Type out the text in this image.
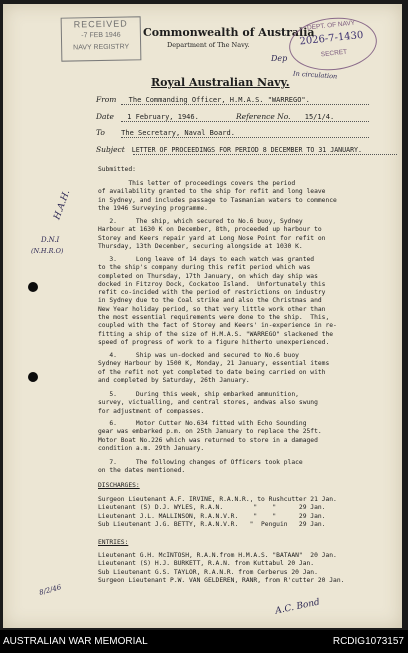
RECEIVED
-7 FEB 1946
NAVY REGISTRY
Commonwealth of Australia
Department of The Navy.
DEPT. OF NAVY
2026-7-1430
SECRET
Dep
In circulation
Royal Australian Navy.
From The Commanding Officer, H.M.A.S. "WARREGO".
Date 1 February, 1946.	Reference No. 15/1/4.
To The Secretary, Naval Board.
Subject LETTER OF PROCEEDINGS FOR PERIOD 8 DECEMBER TO 31 JANUARY.
Submitted:
This letter of proceedings covers the period
of availability granted to the ship for refit and long leave
in Sydney, and includes passage to Tasmanian waters to commence
the 1946 Surveying programme.
2.     The ship, which secured to No.6 buoy, Sydney
Harbour at 1630 K on December, 8th, proceeded up harbour to
Storey and Keers repair yard at Long Nose Point for refit on
Thursday, 13th December, securing alongside at 1030 K.
3.     Long leave of 14 days to each watch was granted
to the ship's company during this refit period which was
completed on Thursday, 17th January, on which day ship was
docked in Fitzroy Dock, Cockatoo Island.  Unfortunately this
refit co-incided with the period of restrictions on industry
in Sydney due to the Coal strike and also the Christmas and
New Year holiday period, so that very little work other than
the most essential requirements were done to the ship.  This,
coupled with the fact of Storey and Keers' in-experience in re-
fitting a ship of the size of H.M.A.S. "WARREGO" slackened the
speed of progress of work to a figure hitherto unexperienced.
4.     Ship was un-docked and secured to No.6 buoy
Sydney Harbour by 1500 K, Monday, 21 January, essential items
of the refit not yet completed to date being carried on with
and completed by Saturday, 26th January.
5.     During this week, ship embarked ammunition,
survey, victualling, and central stores, andwas also swung
for adjustment of compasses.
6.     Motor Cutter No.634 fitted with Echo Sounding
gear was embarked p.m. on 25th January to replace the 25ft.
Motor Boat No.226 which was returned to store in a damaged
condition a.m. 29th January.
7.     The following changes of Officers took place
on the dates mentioned.
DISCHARGES:
Surgeon Lieutenant A.F. IRVINE, R.A.N.R., to Rushcutter 21 Jan.
Lieutenant (S) D.J. WYLES, R.A.N.        "    "      29 Jan.
Lieutenant J.L. MALLINSON, R.A.N.V.R.    "    "      29 Jan.
Sub Lieutenant J.G. BETTY, R.A.N.V.R.   "  Penguin   29 Jan.
ENTRIES:
Lieutenant G.H. McINTOSH, R.A.N.from H.M.A.S. "BATAAN"  20 Jan.
Lieutenant (S) H.J. BURKETT, R.A.N. from Kuttabul 20 Jan.
Sub Lieutenant G.S. TAYLOR, R.A.N.R. from Cerberus 20 Jan.
Surgeon Lieutenant P.W. VAN GELDEREN, RANR, from R'cutter 20 Jan.
H.A.H.
D.N.I
(N.H.R.O)
8/2/46
A.C. Bond
AUSTRALIAN WAR MEMORIAL	RCDIG1073157
